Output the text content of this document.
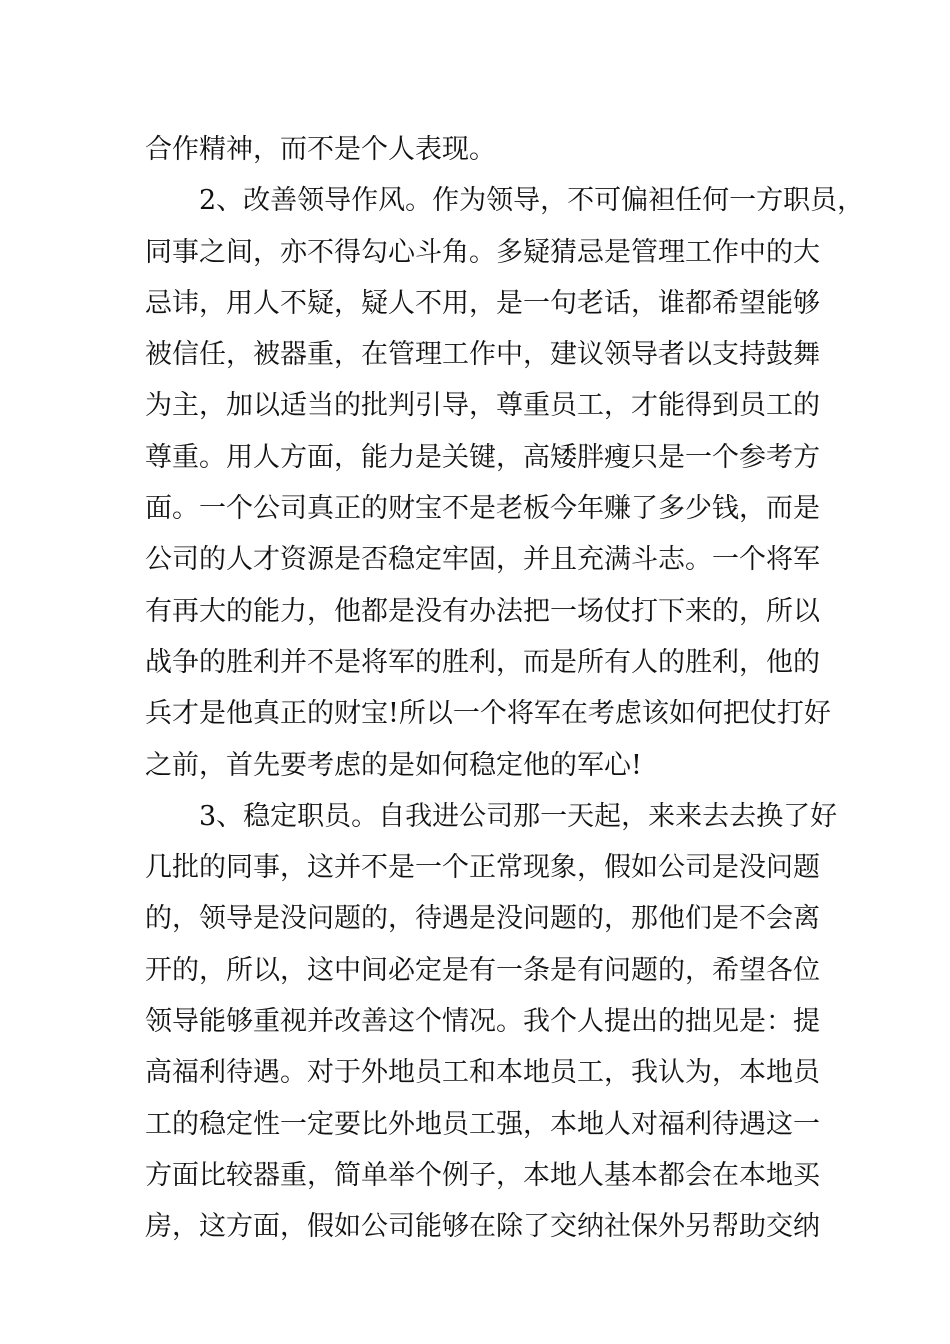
合作精神，而不是个人表现。
2、改善领导作风。作为领导，不可偏袒任何一方职员，
同事之间，亦不得勾心斗角。多疑猜忌是管理工作中的大
忌讳，用人不疑，疑人不用，是一句老话，谁都希望能够
被信任，被器重，在管理工作中，建议领导者以支持鼓舞
为主，加以适当的批判引导，尊重员工，才能得到员工的
尊重。用人方面，能力是关键，高矮胖瘦只是一个参考方
面。一个公司真正的财宝不是老板今年赚了多少钱，而是
公司的人才资源是否稳定牢固，并且充满斗志。一个将军
有再大的能力，他都是没有办法把一场仗打下来的，所以
战争的胜利并不是将军的胜利，而是所有人的胜利，他的
兵才是他真正的财宝!所以一个将军在考虑该如何把仗打好
之前，首先要考虑的是如何稳定他的军心!
3、稳定职员。自我进公司那一天起，来来去去换了好
几批的同事，这并不是一个正常现象，假如公司是没问题
的，领导是没问题的，待遇是没问题的，那他们是不会离
开的，所以，这中间必定是有一条是有问题的，希望各位
领导能够重视并改善这个情况。我个人提出的拙见是：提
高福利待遇。对于外地员工和本地员工，我认为，本地员
工的稳定性一定要比外地员工强，本地人对福利待遇这一
方面比较器重，简单举个例子，本地人基本都会在本地买
房，这方面，假如公司能够在除了交纳社保外另帮助交纳
